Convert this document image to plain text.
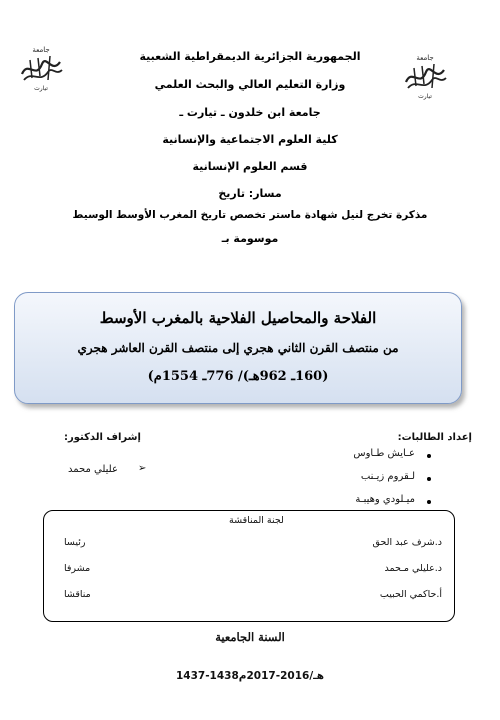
جامعة
تيارت
جامعة
تيارت
الجمهورية الجزائرية الديمقراطية الشعبية
وزارة التعليم العالي والبحث العلمي
جامعة ابن خلدون ـ تيارت ـ
كلية العلوم الاجتماعية والإنسانية
قسم العلوم الإنسانية
مسار: تاريخ
مذكرة تخرج لنيل شهادة ماستر تخصص تاريخ المغرب الأوسط الوسيط
موسومة بـ
الفلاحة والمحاصيل الفلاحية بالمغرب الأوسط
من منتصف القرن الثاني هجري إلى منتصف القرن العاشر هجري
(160ـ 962هـ)/ 776ـ 1554م)
إعداد الطالبات:
عـايش طـاوس
لـقروم زيـنب
ميـلودي وهيبـة
إشراف الدكتور:
➢
عليلي محمد
لجنة المناقشة
د.شرف عبد الحق
رئيسا
د.عليلي مـحمد
مشرفا
أ.حاكمي الحبيب
مناقشا
السنة الجامعية
1437-1438هـ/2016-2017م
